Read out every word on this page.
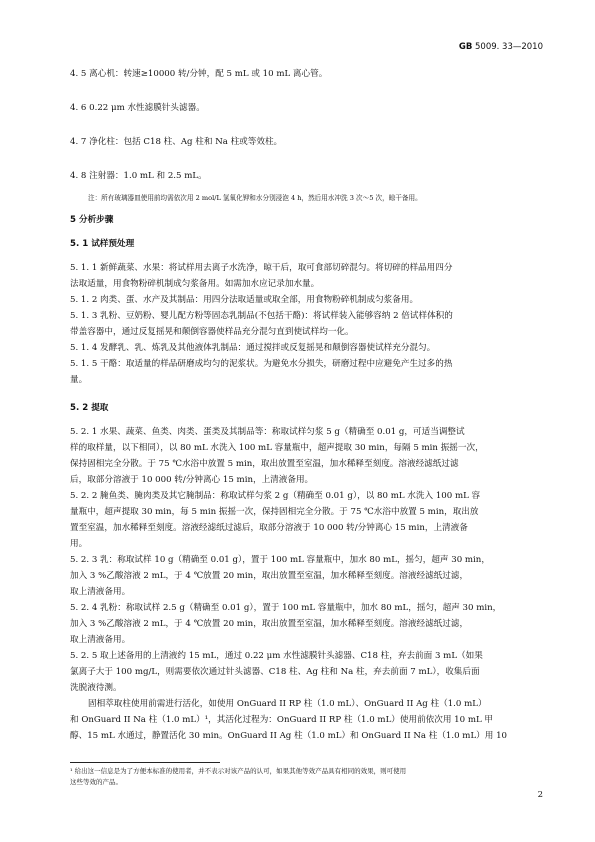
GB 5009. 33—2010

4. 5 离心机：转速≥10000 转/分钟，配 5 mL 或 10 mL 离心管。

4. 6 0.22 μm 水性滤膜针头滤器。

4. 7 净化柱：包括 C18 柱、Ag 柱和 Na 柱或等效柱。

4. 8 注射器：1.0 mL 和 2.5 mL。

注：所有玻璃器皿使用前均需依次用 2 mol/L 氢氧化钾和水分别浸泡 4 h，然后用水冲洗 3 次～5 次，晾干备用。

5 分析步骤

5. 1 试样预处理

5. 1. 1 新鲜蔬菜、水果：将试样用去离子水洗净，晾干后，取可食部切碎混匀。将切碎的样品用四分

法取适量，用食物粉碎机制成匀浆备用。如需加水应记录加水量。

5. 1. 2 肉类、蛋、水产及其制品：用四分法取适量或取全部，用食物粉碎机制成匀浆备用。

5. 1. 3 乳粉、豆奶粉、婴儿配方粉等固态乳制品(不包括干酪)：将试样装入能够容纳 2 倍试样体积的

带盖容器中，通过反复摇晃和颠倒容器使样品充分混匀直到使试样均一化。

5. 1. 4 发酵乳、乳、炼乳及其他液体乳制品：通过搅拌或反复摇晃和颠倒容器使试样充分混匀。

5. 1. 5 干酪：取适量的样品研磨成均匀的泥浆状。为避免水分损失，研磨过程中应避免产生过多的热

量。

5. 2 提取

5. 2. 1 水果、蔬菜、鱼类、肉类、蛋类及其制品等：称取试样匀浆 5 g（精确至 0.01 g，可适当调整试

样的取样量，以下相同），以 80 mL 水洗入 100 mL 容量瓶中，超声提取 30 min，每隔 5 min 振摇一次，

保持固相完全分散。于 75 ℃水浴中放置 5 min，取出放置至室温，加水稀释至刻度。溶液经滤纸过滤

后，取部分溶液于 10 000 转/分钟离心 15 min，上清液备用。

5. 2. 2 腌鱼类、腌肉类及其它腌制品：称取试样匀浆 2 g（精确至 0.01 g），以 80 mL 水洗入 100 mL 容

量瓶中，超声提取 30 min，每 5 min 振摇一次，保持固相完全分散。于 75 ℃水浴中放置 5 min，取出放

置至室温，加水稀释至刻度。溶液经滤纸过滤后，取部分溶液于 10 000 转/分钟离心 15 min，上清液备

用。

5. 2. 3 乳：称取试样 10 g（精确至 0.01 g），置于 100 mL 容量瓶中，加水 80 mL，摇匀，超声 30 min，

加入 3 %乙酸溶液 2 mL，于 4 ℃放置 20 min，取出放置至室温，加水稀释至刻度。溶液经滤纸过滤，

取上清液备用。

5. 2. 4 乳粉：称取试样 2.5 g（精确至 0.01 g），置于 100 mL 容量瓶中，加水 80 mL，摇匀，超声 30 min，

加入 3 %乙酸溶液 2 mL，于 4 ℃放置 20 min，取出放置至室温，加水稀释至刻度。溶液经滤纸过滤，

取上清液备用。

5. 2. 5 取上述备用的上清液约 15 mL，通过 0.22 μm 水性滤膜针头滤器、C18 柱，弃去前面 3 mL（如果

氯离子大于 100 mg/L，则需要依次通过针头滤器、C18 柱、Ag 柱和 Na 柱，弃去前面 7 mL），收集后面

洗脱液待测。

固相萃取柱使用前需进行活化，如使用 OnGuard II RP 柱（1.0 mL）、OnGuard II Ag 柱（1.0 mL）

和 OnGuard II Na 柱（1.0 mL）¹，其活化过程为：OnGuard II RP 柱（1.0 mL）使用前依次用 10 mL 甲

醇、15 mL 水通过，静置活化 30 min。OnGuard II Ag 柱（1.0 mL）和 OnGuard II Na 柱（1.0 mL）用 10

¹ 给出这一信息是为了方便本标准的使用者，并不表示对该产品的认可，如果其他等效产品具有相同的效果，则可使用

这些等效的产品。

2
